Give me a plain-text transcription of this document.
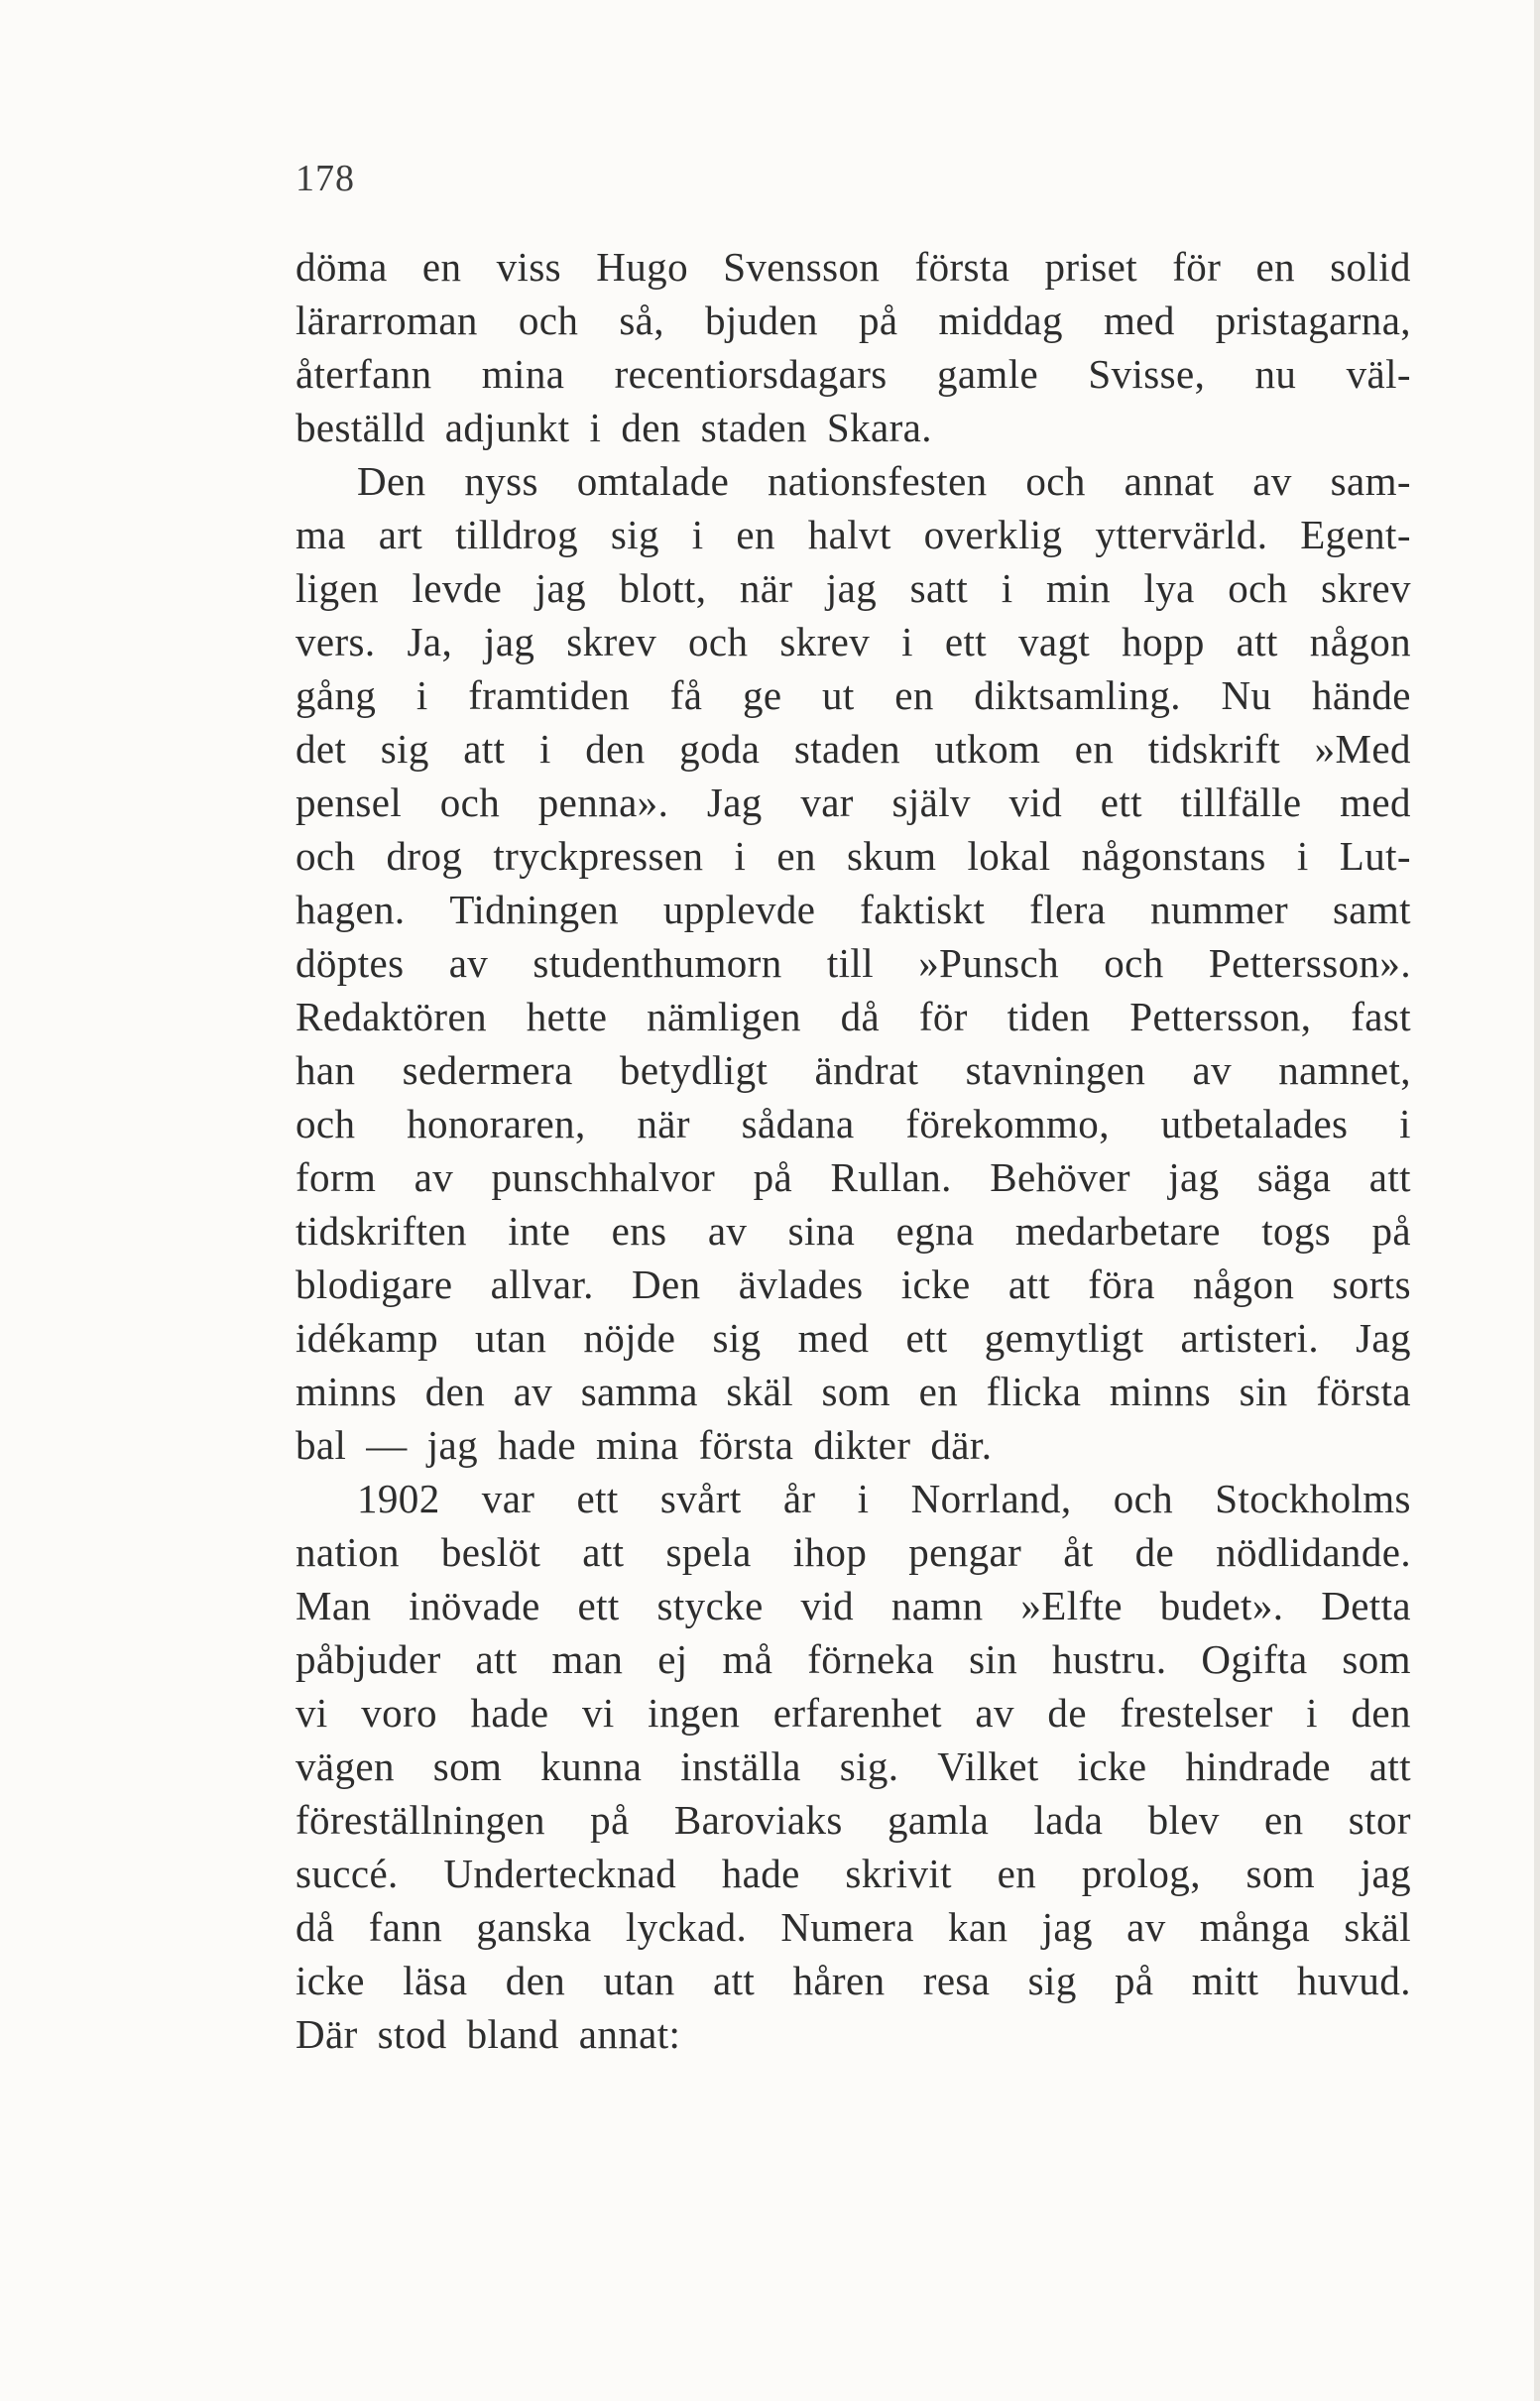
178
döma en viss Hugo Svensson första priset för en solid
lärarroman och så, bjuden på middag med pristagarna,
återfann mina recentiorsdagars gamle Svisse, nu väl-
beställd adjunkt i den staden Skara.
Den nyss omtalade nationsfesten och annat av sam-
ma art tilldrog sig i en halvt overklig yttervärld. Egent-
ligen levde jag blott, när jag satt i min lya och skrev
vers. Ja, jag skrev och skrev i ett vagt hopp att någon
gång i framtiden få ge ut en diktsamling. Nu hände
det sig att i den goda staden utkom en tidskrift »Med
pensel och penna». Jag var själv vid ett tillfälle med
och drog tryckpressen i en skum lokal någonstans i Lut-
hagen. Tidningen upplevde faktiskt flera nummer samt
döptes av studenthumorn till »Punsch och Pettersson».
Redaktören hette nämligen då för tiden Pettersson, fast
han sedermera betydligt ändrat stavningen av namnet,
och honoraren, när sådana förekommo, utbetalades i
form av punschhalvor på Rullan. Behöver jag säga att
tidskriften inte ens av sina egna medarbetare togs på
blodigare allvar. Den ävlades icke att föra någon sorts
idékamp utan nöjde sig med ett gemytligt artisteri. Jag
minns den av samma skäl som en flicka minns sin första
bal — jag hade mina första dikter där.
1902 var ett svårt år i Norrland, och Stockholms
nation beslöt att spela ihop pengar åt de nödlidande.
Man inövade ett stycke vid namn »Elfte budet». Detta
påbjuder att man ej må förneka sin hustru. Ogifta som
vi voro hade vi ingen erfarenhet av de frestelser i den
vägen som kunna inställa sig. Vilket icke hindrade att
föreställningen på Baroviaks gamla lada blev en stor
succé. Undertecknad hade skrivit en prolog, som jag
då fann ganska lyckad. Numera kan jag av många skäl
icke läsa den utan att håren resa sig på mitt huvud.
Där stod bland annat:
